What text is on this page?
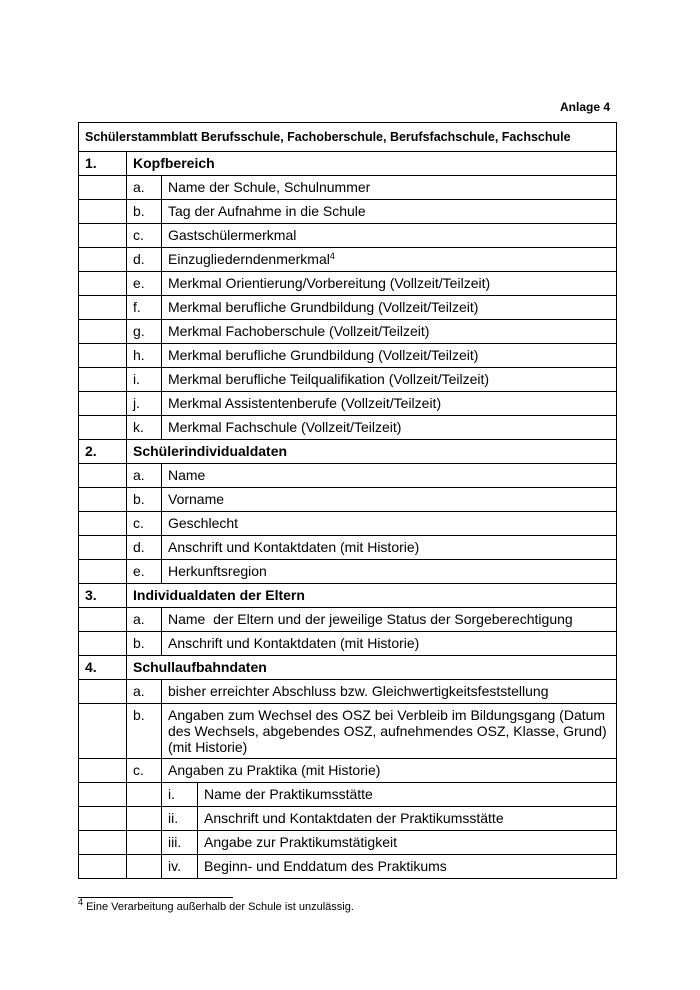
Anlage 4
Schülerstammblatt Berufsschule, Fachoberschule, Berufsfachschule, Fachschule			
1.	Kopfbereich		
	a.	Name der Schule, Schulnummer	
	b.	Tag der Aufnahme in die Schule	
	c.	Gastschülermerkmal	
	d.	Einzugliederndenmerkmal$^4$
	e.	Merkmal Orientierung/Vorbereitung (Vollzeit/Teilzeit)	
	f.	Merkmal berufliche Grundbildung (Vollzeit/Teilzeit)	
	g.	Merkmal Fachoberschule (Vollzeit/Teilzeit)	
	h.	Merkmal berufliche Grundbildung (Vollzeit/Teilzeit)	
	i.	Merkmal berufliche Teilqualifikation (Vollzeit/Teilzeit)	
	j.	Merkmal Assistentenberufe (Vollzeit/Teilzeit)	
	k.	Merkmal Fachschule (Vollzeit/Teilzeit)	
2.	Schülerindividualdaten		
	a.	Name	
	b.	Vorname	
	c.	Geschlecht	
	d.	Anschrift und Kontaktdaten (mit Historie)	
	e.	Herkunftsregion	
3.	Individualdaten der Eltern		
	a.	Name  der Eltern und der jeweilige Status der Sorgeberechtigung	
	b.	Anschrift und Kontaktdaten (mit Historie)	
4.	Schullaufbahndaten		
	a.	bisher erreichter Abschluss bzw. Gleichwertigkeitsfeststellung	
	b.	Angaben zum Wechsel des OSZ bei Verbleib im Bildungsgang (Datum des Wechsels, abgebendes OSZ, aufnehmendes OSZ, Klasse, Grund) (mit Historie)	
	c.	Angaben zu Praktika (mit Historie)	
		i.	Name der Praktikumsstätte
		ii.	Anschrift und Kontaktdaten der Praktikumsstätte
		iii.	Angabe zur Praktikumstätigkeit
		iv.	Beginn- und Enddatum des Praktikums
$^4$ Eine Verarbeitung außerhalb der Schule ist unzulässig.
